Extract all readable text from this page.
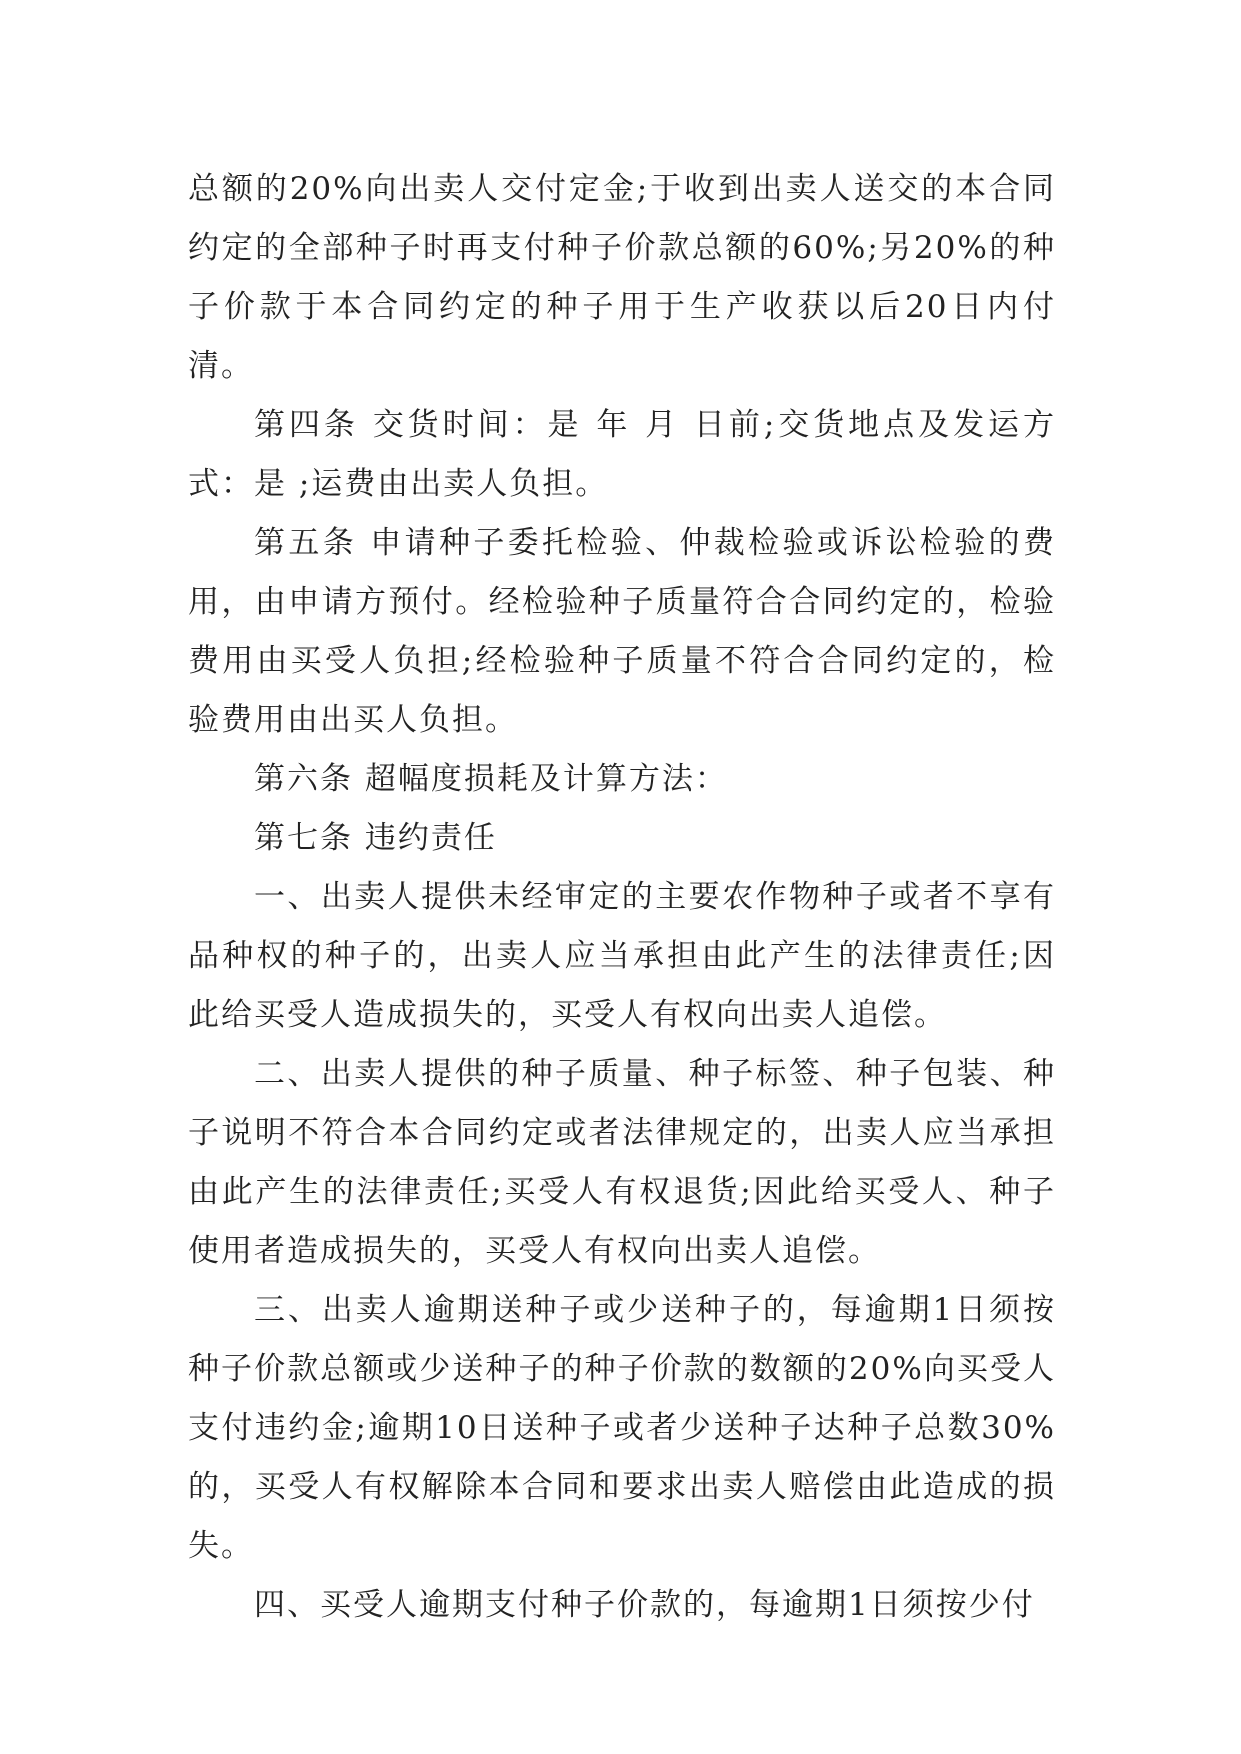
总额的20%向出卖人交付定金;于收到出卖人送交的本合同约定的全部种子时再支付种子价款总额的60%;另20%的种子价款于本合同约定的种子用于生产收获以后20日内付清。

第四条 交货时间：是 年 月 日前;交货地点及发运方式：是 ;运费由出卖人负担。

第五条 申请种子委托检验、仲裁检验或诉讼检验的费用，由申请方预付。经检验种子质量符合合同约定的，检验费用由买受人负担;经检验种子质量不符合合同约定的，检验费用由出买人负担。

第六条 超幅度损耗及计算方法：

第七条 违约责任

一、出卖人提供未经审定的主要农作物种子或者不享有品种权的种子的，出卖人应当承担由此产生的法律责任;因此给买受人造成损失的，买受人有权向出卖人追偿。

二、出卖人提供的种子质量、种子标签、种子包装、种子说明不符合本合同约定或者法律规定的，出卖人应当承担由此产生的法律责任;买受人有权退货;因此给买受人、种子使用者造成损失的，买受人有权向出卖人追偿。

三、出卖人逾期送种子或少送种子的，每逾期1日须按种子价款总额或少送种子的种子价款的数额的20%向买受人支付违约金;逾期10日送种子或者少送种子达种子总数30%的，买受人有权解除本合同和要求出卖人赔偿由此造成的损失。

四、买受人逾期支付种子价款的，每逾期1日须按少付
